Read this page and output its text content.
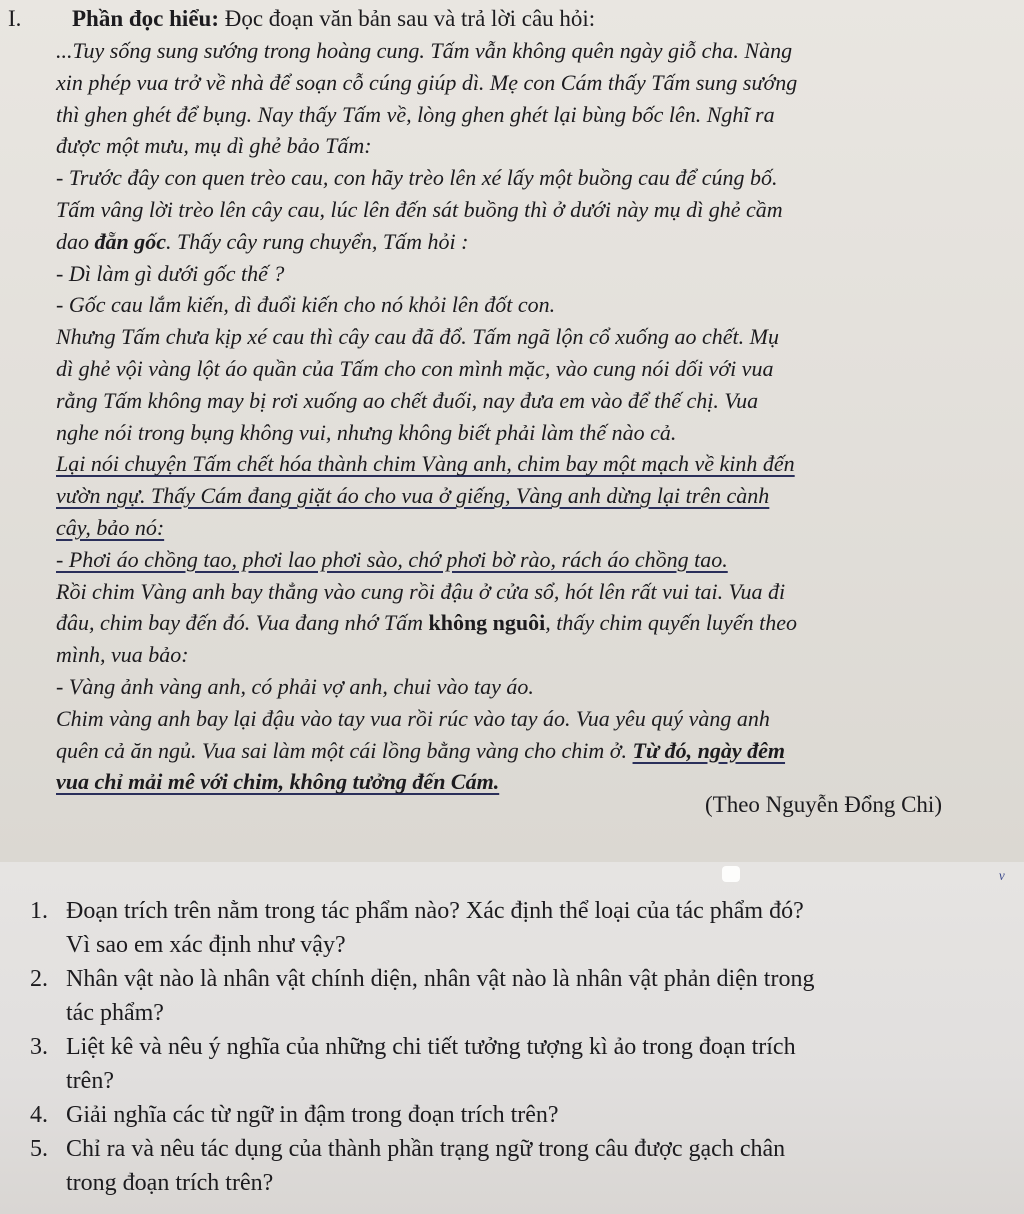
I. Phần đọc hiểu: Đọc đoạn văn bản sau và trả lời câu hỏi:
...Tuy sống sung sướng trong hoàng cung. Tấm vẫn không quên ngày giỗ cha. Nàng
xin phép vua trở về nhà để soạn cỗ cúng giúp dì. Mẹ con Cám thấy Tấm sung sướng
thì ghen ghét để bụng. Nay thấy Tấm về, lòng ghen ghét lại bùng bốc lên. Nghĩ ra
được một mưu, mụ dì ghẻ bảo Tấm:
- Trước đây con quen trèo cau, con hãy trèo lên xé lấy một buồng cau để cúng bố.
Tấm vâng lời trèo lên cây cau, lúc lên đến sát buồng thì ở dưới này mụ dì ghẻ cầm
dao đẵn gốc. Thấy cây rung chuyển, Tấm hỏi :
- Dì làm gì dưới gốc thế ?
- Gốc cau lắm kiến, dì đuổi kiến cho nó khỏi lên đốt con.
Nhưng Tấm chưa kịp xé cau thì cây cau đã đổ. Tấm ngã lộn cổ xuống ao chết. Mụ
dì ghẻ vội vàng lột áo quần của Tấm cho con mình mặc, vào cung nói dối với vua
rằng Tấm không may bị rơi xuống ao chết đuối, nay đưa em vào để thế chị. Vua
nghe nói trong bụng không vui, nhưng không biết phải làm thế nào cả.
Lại nói chuyện Tấm chết hóa thành chim Vàng anh, chim bay một mạch về kinh đến
vườn ngự. Thấy Cám đang giặt áo cho vua ở giếng, Vàng anh dừng lại trên cành
cây, bảo nó:
- Phơi áo chồng tao, phơi lao phơi sào, chớ phơi bờ rào, rách áo chồng tao.
Rồi chim Vàng anh bay thẳng vào cung rồi đậu ở cửa sổ, hót lên rất vui tai. Vua đi
đâu, chim bay đến đó. Vua đang nhớ Tấm không nguôi, thấy chim quyến luyến theo
mình, vua bảo:
- Vàng ảnh vàng anh, có phải vợ anh, chui vào tay áo.
Chim vàng anh bay lại đậu vào tay vua rồi rúc vào tay áo. Vua yêu quý vàng anh
quên cả ăn ngủ. Vua sai làm một cái lồng bằng vàng cho chim ở. Từ đó, ngày đêm
vua chỉ mải mê với chim, không tưởng đến Cám.
(Theo Nguyễn Đổng Chi)
ᵛ
1. Đoạn trích trên nằm trong tác phẩm nào? Xác định thể loại của tác phẩm đó?
Vì sao em xác định như vậy?
2. Nhân vật nào là nhân vật chính diện, nhân vật nào là nhân vật phản diện trong
tác phẩm?
3. Liệt kê và nêu ý nghĩa của những chi tiết tưởng tượng kì ảo trong đoạn trích
trên?
4. Giải nghĩa các từ ngữ in đậm trong đoạn trích trên?
5. Chỉ ra và nêu tác dụng của thành phần trạng ngữ trong câu được gạch chân
trong đoạn trích trên?
